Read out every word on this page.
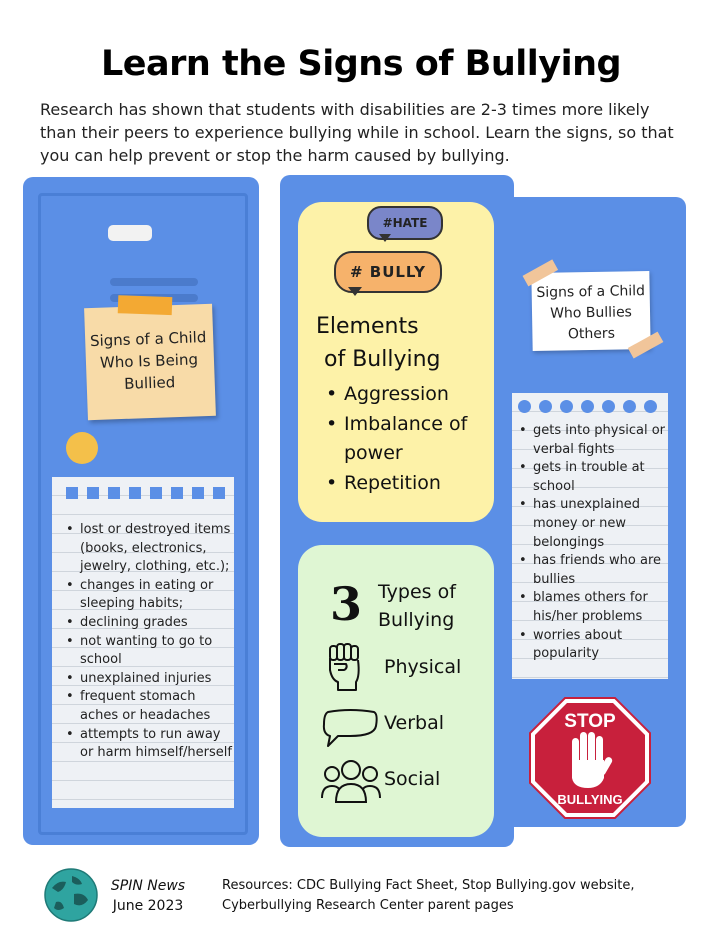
Learn the Signs of Bullying
Research has shown that students with disabilities are 2-3 times more likely than their peers to experience bullying while in school. Learn the signs, so that you can help prevent or stop the harm caused by bullying.
Signs of a Child Who Is Being Bullied
• lost or destroyed items (books, electronics, jewelry, clothing, etc.);
• changes in eating or sleeping habits;
• declining grades
• not wanting to go to school
• unexplained injuries
• frequent stomach aches or headaches
• attempts to run away or harm himself/herself
#HATE
# BULLY
Elements
of Bullying
• Aggression
• Imbalance of power
• Repetition
3 Types of Bullying
Physical
Verbal
Social
Signs of a Child Who Bullies Others
• gets into physical or verbal fights
• gets in trouble at school
• has unexplained money or new belongings
• has friends who are bullies
• blames others for his/her problems
• worries about popularity
STOP
BULLYING
SPIN News
June 2023
Resources: CDC Bullying Fact Sheet, Stop Bullying.gov website,
Cyberbullying Research Center parent pages
